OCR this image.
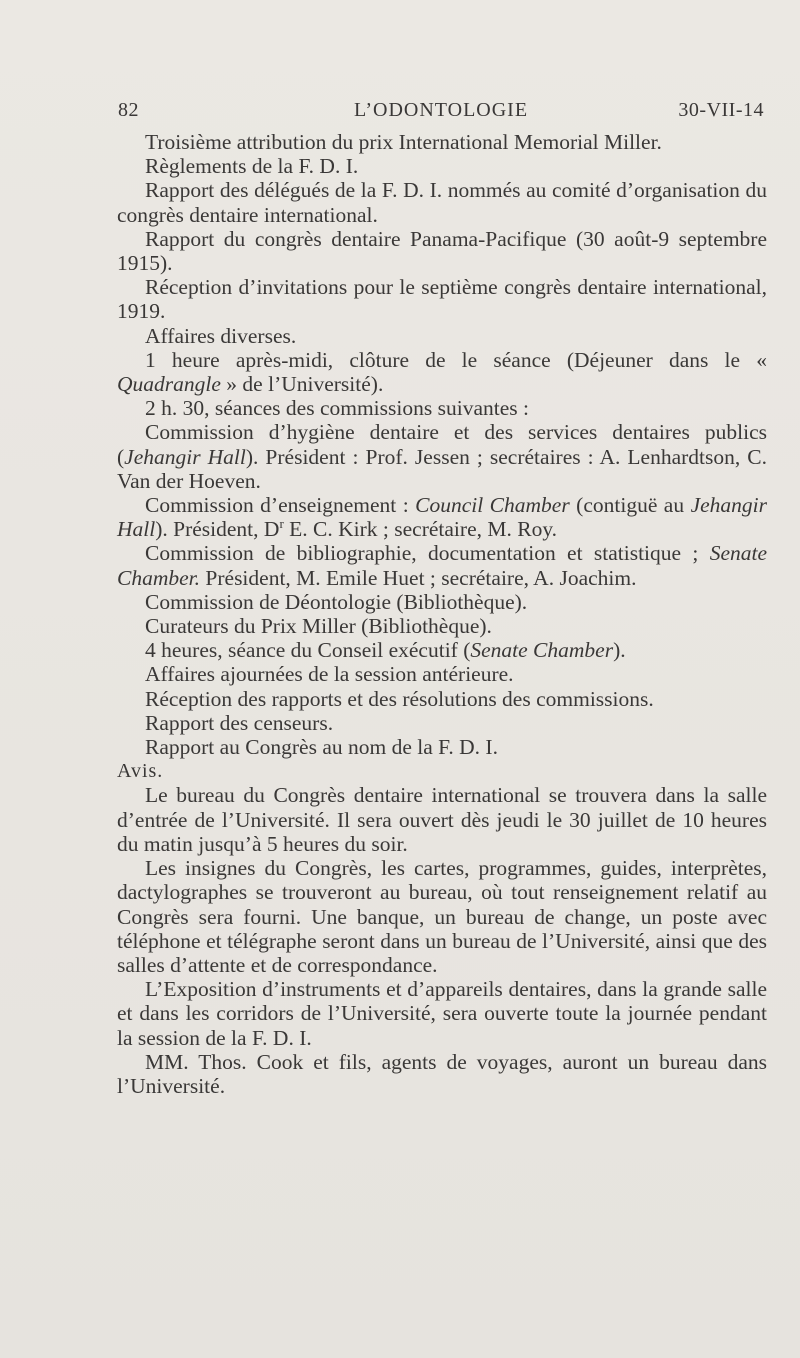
82	L’ODONTOLOGIE	30-VII-14

Troisième attribution du prix International Memorial Miller.

Règlements de la F. D. I.

Rapport des délégués de la F. D. I. nommés au comité d’organisation du congrès dentaire international.

Rapport du congrès dentaire Panama-Pacifique (30 août-9 septembre 1915).

Réception d’invitations pour le septième congrès dentaire international, 1919.

Affaires diverses.

1 heure après-midi, clôture de le séance (Déjeuner dans le « Quadrangle » de l’Université).

2 h. 30, séances des commissions suivantes :

Commission d’hygiène dentaire et des services dentaires publics (Jehangir Hall). Président : Prof. Jessen ; secrétaires : A. Lenhardtson, C. Van der Hoeven.

Commission d’enseignement : Council Chamber (contiguë au Jehangir Hall). Président, $D^r$ E. C. Kirk ; secrétaire, M. Roy.

Commission de bibliographie, documentation et statistique ; Senate Chamber. Président, M. Emile Huet ; secrétaire, A. Joachim.

Commission de Déontologie (Bibliothèque).

Curateurs du Prix Miller (Bibliothèque).

4 heures, séance du Conseil exécutif (Senate Chamber).

Affaires ajournées de la session antérieure.

Réception des rapports et des résolutions des commissions.

Rapport des censeurs.

Rapport au Congrès au nom de la F. D. I.

Avis.

Le bureau du Congrès dentaire international se trouvera dans la salle d’entrée de l’Université. Il sera ouvert dès jeudi le 30 juillet de 10 heures du matin jusqu’à 5 heures du soir.

Les insignes du Congrès, les cartes, programmes, guides, interprètes, dactylographes se trouveront au bureau, où tout renseignement relatif au Congrès sera fourni. Une banque, un bureau de change, un poste avec téléphone et télégraphe seront dans un bureau de l’Université, ainsi que des salles d’attente et de correspondance.

L’Exposition d’instruments et d’appareils dentaires, dans la grande salle et dans les corridors de l’Université, sera ouverte toute la journée pendant la session de la F. D. I.

MM. Thos. Cook et fils, agents de voyages, auront un bureau dans l’Université.
